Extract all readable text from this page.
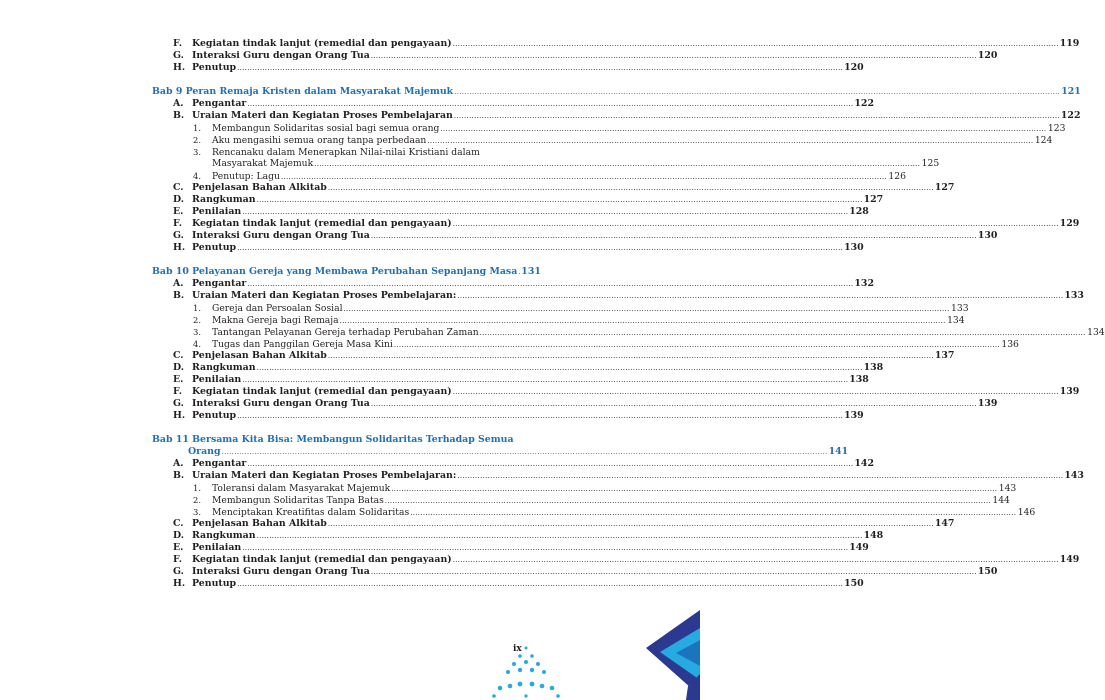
F.	Kegiatan tindak lanjut (remedial dan pengayaan) .....	119
G. Interaksi Guru dengan Orang Tua .....	120
H. Penutup .....	120
Bab 9 Peran Remaja Kristen dalam Masyarakat Majemuk .....	121
A. Pengantar .....	122
B. Uraian Materi dan Kegiatan Proses Pembelajaran .....	122
1.	Membangun Solidaritas sosial bagi semua orang .....	123
2.	Aku mengasihi semua orang tanpa perbedaan .....	124
3.	Rencanaku dalam Menerapkan Nilai-nilai Kristiani dalam
Masyarakat Majemuk .....	125
4.	Penutup: Lagu .....	126
C. Penjelasan Bahan Alkitab .....	127
D. Rangkuman .....	127
E. Penilaian .....	128
F.	Kegiatan tindak lanjut (remedial dan pengayaan) .....	129
G. Interaksi Guru dengan Orang Tua .....	130
H. Penutup .....	130
Bab 10 Pelayanan Gereja yang Membawa Perubahan Sepanjang Masa ..... 131
A. Pengantar .....	132
B. Uraian Materi dan Kegiatan Proses Pembelajaran: .....	133
1.	Gereja dan Persoalan Sosial .....	133
2.	Makna Gereja bagi Remaja .....	134
3.	Tantangan Pelayanan Gereja terhadap Perubahan Zaman .....	134
4.	Tugas dan Panggilan Gereja Masa Kini .....	136
C. Penjelasan Bahan Alkitab .....	137
D. Rangkuman .....	138
E. Penilaian .....	138
F.	Kegiatan tindak lanjut (remedial dan pengayaan) .....	139
G. Interaksi Guru dengan Orang Tua .....	139
H. Penutup .....	139
Bab 11 Bersama Kita Bisa: Membangun Solidaritas Terhadap Semua
Orang .....	141
A. Pengantar .....	142
B. Uraian Materi dan Kegiatan Proses Pembelajaran: .....	143
1.	Toleransi dalam Masyarakat Majemuk .....	143
2.	Membangun Solidaritas Tanpa Batas .....	144
3.	Menciptakan Kreatifitas dalam Solidaritas .....	146
C. Penjelasan Bahan Alkitab .....	147
D. Rangkuman .....	148
E. Penilaian .....	149
F.	Kegiatan tindak lanjut (remedial dan pengayaan) .....	149
G. Interaksi Guru dengan Orang Tua .....	150
H. Penutup .....	150
ix
